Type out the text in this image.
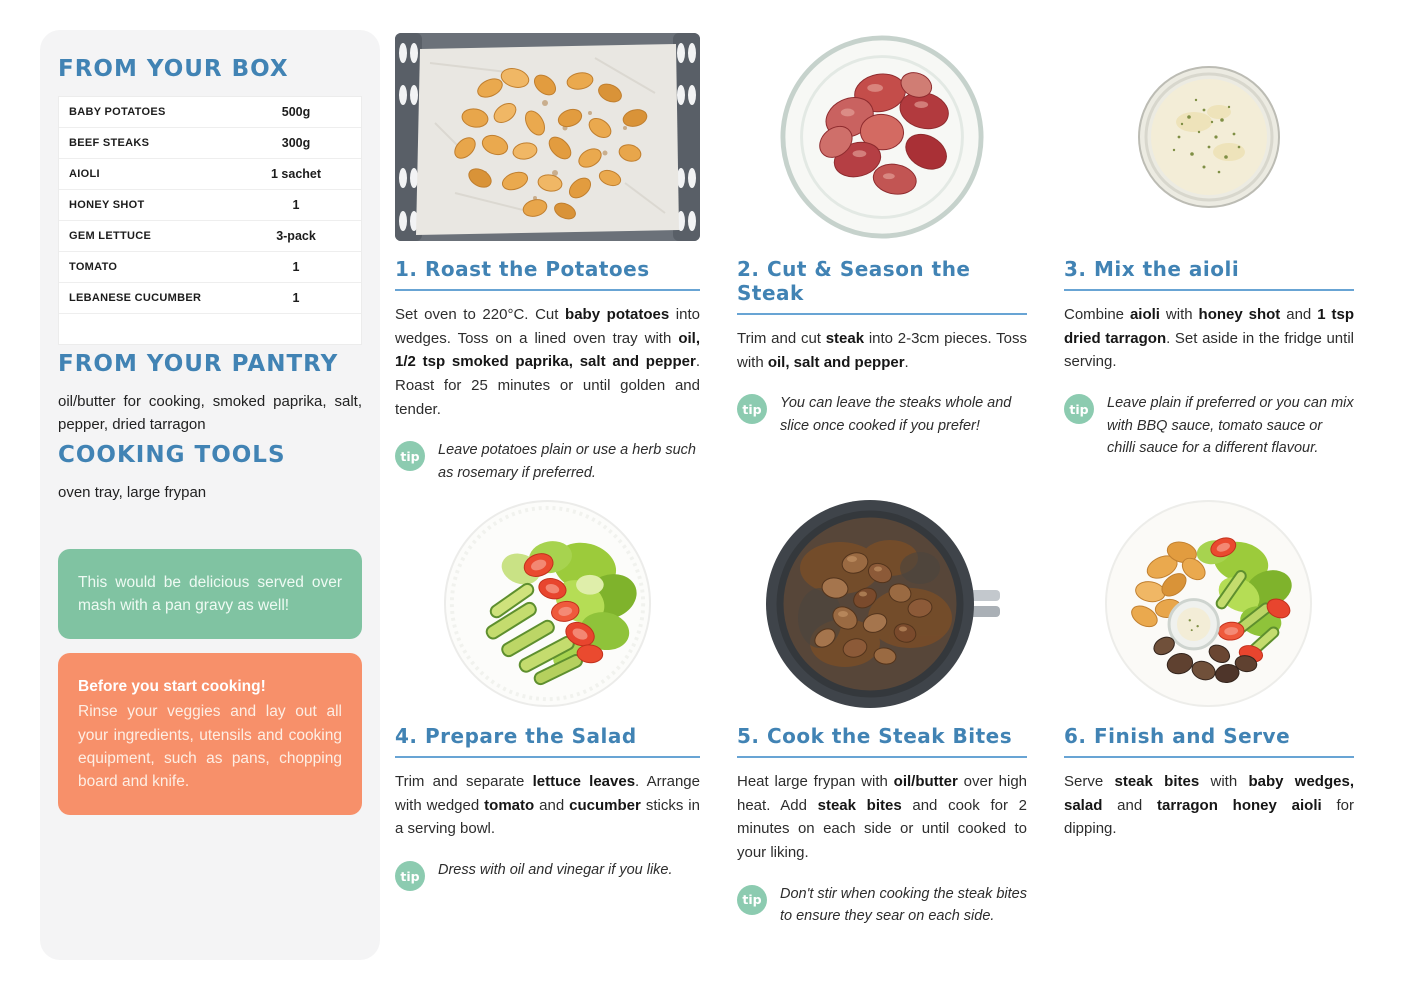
FROM YOUR BOX
BABY POTATOES	500g
BEEF STEAKS	300g
AIOLI	1 sachet
HONEY SHOT	1
GEM LETTUCE	3-pack
TOMATO	1
LEBANESE CUCUMBER	1
FROM YOUR PANTRY

oil/butter for cooking, smoked paprika, salt, pepper, dried tarragon

COOKING TOOLS

oven tray, large frypan

This would be delicious served over mash with a pan gravy as well!
Before you start cooking!
Rinse your veggies and lay out all your ingredients, utensils and cooking equipment, such as pans, chopping board and knife.
1. Roast the Potatoes

Set oven to 220°C. Cut baby potatoes into wedges. Toss on a lined oven tray with oil, 1/2 tsp smoked paprika, salt and pepper. Roast for 25 minutes or until golden and tender.

tip	Leave potatoes plain or use a herb such as rosemary if preferred.
2. Cut & Season the Steak

Trim and cut steak into 2-3cm pieces. Toss with oil, salt and pepper.

tip	You can leave the steaks whole and slice once cooked if you prefer!
3. Mix the aioli

Combine aioli with honey shot and 1 tsp dried tarragon. Set aside in the fridge until serving.

tip	Leave plain if preferred or you can mix with BBQ sauce, tomato sauce or chilli sauce for a different flavour.
4. Prepare the Salad

Trim and separate lettuce leaves. Arrange with wedged tomato and cucumber sticks in a serving bowl.

tip	Dress with oil and vinegar if you like.
5. Cook the Steak Bites

Heat large frypan with oil/butter over high heat. Add steak bites and cook for 2 minutes on each side or until cooked to your liking.

tip	Don't stir when cooking the steak bites to ensure they sear on each side.
6. Finish and Serve

Serve steak bites with baby wedges, salad and tarragon honey aioli for dipping.
